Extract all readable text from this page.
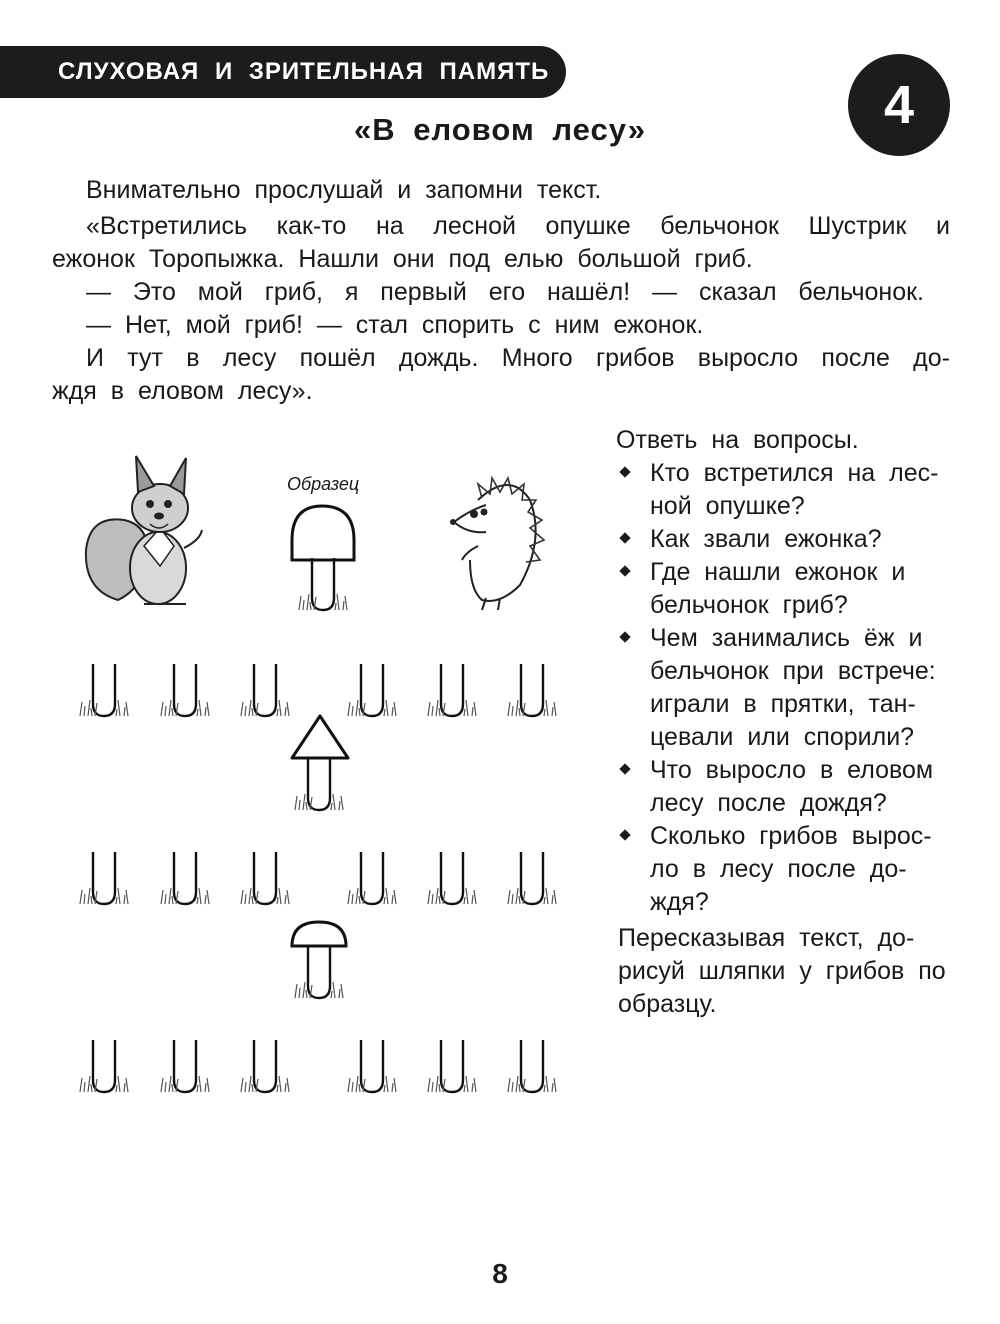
СЛУХОВАЯ И ЗРИТЕЛЬНАЯ ПАМЯТЬ
4
«В еловом лесу»
Внимательно прослушай и запомни текст.
«Встретились как-то на лесной опушке бельчонок Шустрик и
ежонок Торопыжка. Нашли они под елью большой гриб.
— Это мой гриб, я первый его нашёл! — сказал бельчонок.
— Нет, мой гриб! — стал спорить с ним ежонок.
И тут в лесу пошёл дождь. Много грибов выросло после до-
ждя в еловом лесу».
Ответь на вопросы.
Кто встретился на лес-
ной опушке?
Как звали ежонка?
Где нашли ежонок и
бельчонок гриб?
Чем занимались ёж и
бельчонок при встрече:
играли в прятки, тан-
цевали или спорили?
Что выросло в еловом
лесу после дождя?
Сколько грибов вырос-
ло в лесу после до-
ждя?
Пересказывая текст, до-
рисуй шляпки у грибов по
образцу.
Образец
8
